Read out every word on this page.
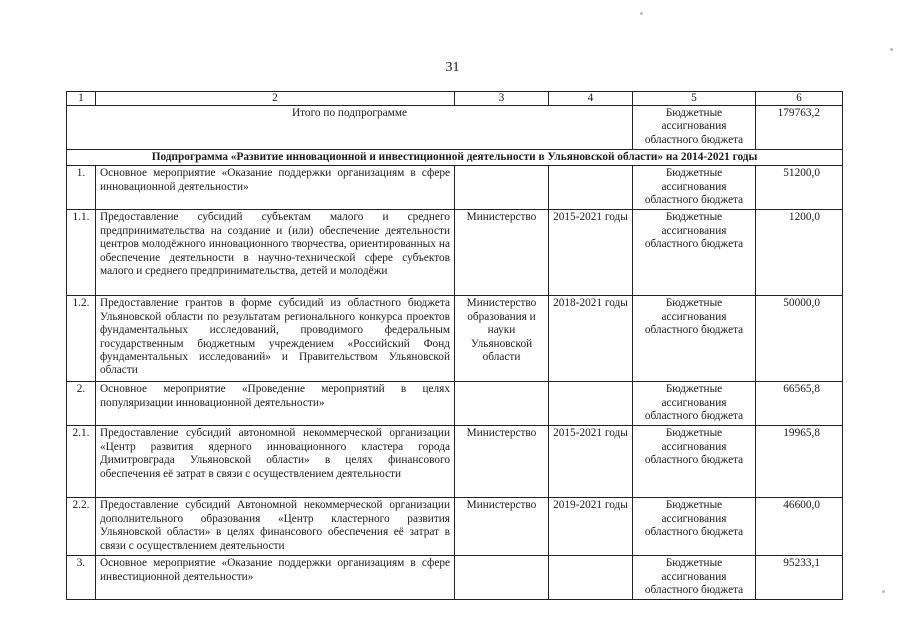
31
1	2	3	4	5	6
Итого по подпрограмме				Бюджетные ассигнования областного бюджета	179763,2
Подпрограмма «Развитие инновационной и инвестиционной деятельности в Ульяновской области» на 2014-2021 годы					
1.	Основное мероприятие «Оказание поддержки организациям в сфере инновационной деятельности»			Бюджетные ассигнования областного бюджета	51200,0
1.1.	Предоставление субсидий субъектам малого и среднего предпринимательства на создание и (или) обеспечение деятельности центров молодёжного инновационного творчества, ориентированных на обеспечение деятельности в научно-технической сфере субъектов малого и среднего предпринимательства, детей и молодёжи	Министерство	2015-2021 годы	Бюджетные ассигнования областного бюджета	1200,0
1.2.	Предоставление грантов в форме субсидий из областного бюджета Ульяновской области по результатам регионального конкурса проектов фундаментальных исследований, проводимого федеральным государственным бюджетным учреждением «Российский Фонд фундаментальных исследований» и Правительством Ульяновской области	Министерство образования и науки Ульяновской области	2018-2021 годы	Бюджетные ассигнования областного бюджета	50000,0
2.	Основное мероприятие «Проведение мероприятий в целях популяризации инновационной деятельности»			Бюджетные ассигнования областного бюджета	66565,8
2.1.	Предоставление субсидий автономной некоммерческой организации «Центр развития ядерного инновационного кластера города Димитровграда Ульяновской области» в целях финансового обеспечения её затрат в связи с осуществлением деятельности	Министерство	2015-2021 годы	Бюджетные ассигнования областного бюджета	19965,8
2.2.	Предоставление субсидий Автономной некоммерческой организации дополнительного образования «Центр кластерного развития Ульяновской области» в целях финансового обеспечения её затрат в связи с осуществлением деятельности	Министерство	2019-2021 годы	Бюджетные ассигнования областного бюджета	46600,0
3.	Основное мероприятие «Оказание поддержки организациям в сфере инвестиционной деятельности»			Бюджетные ассигнования областного бюджета	95233,1
